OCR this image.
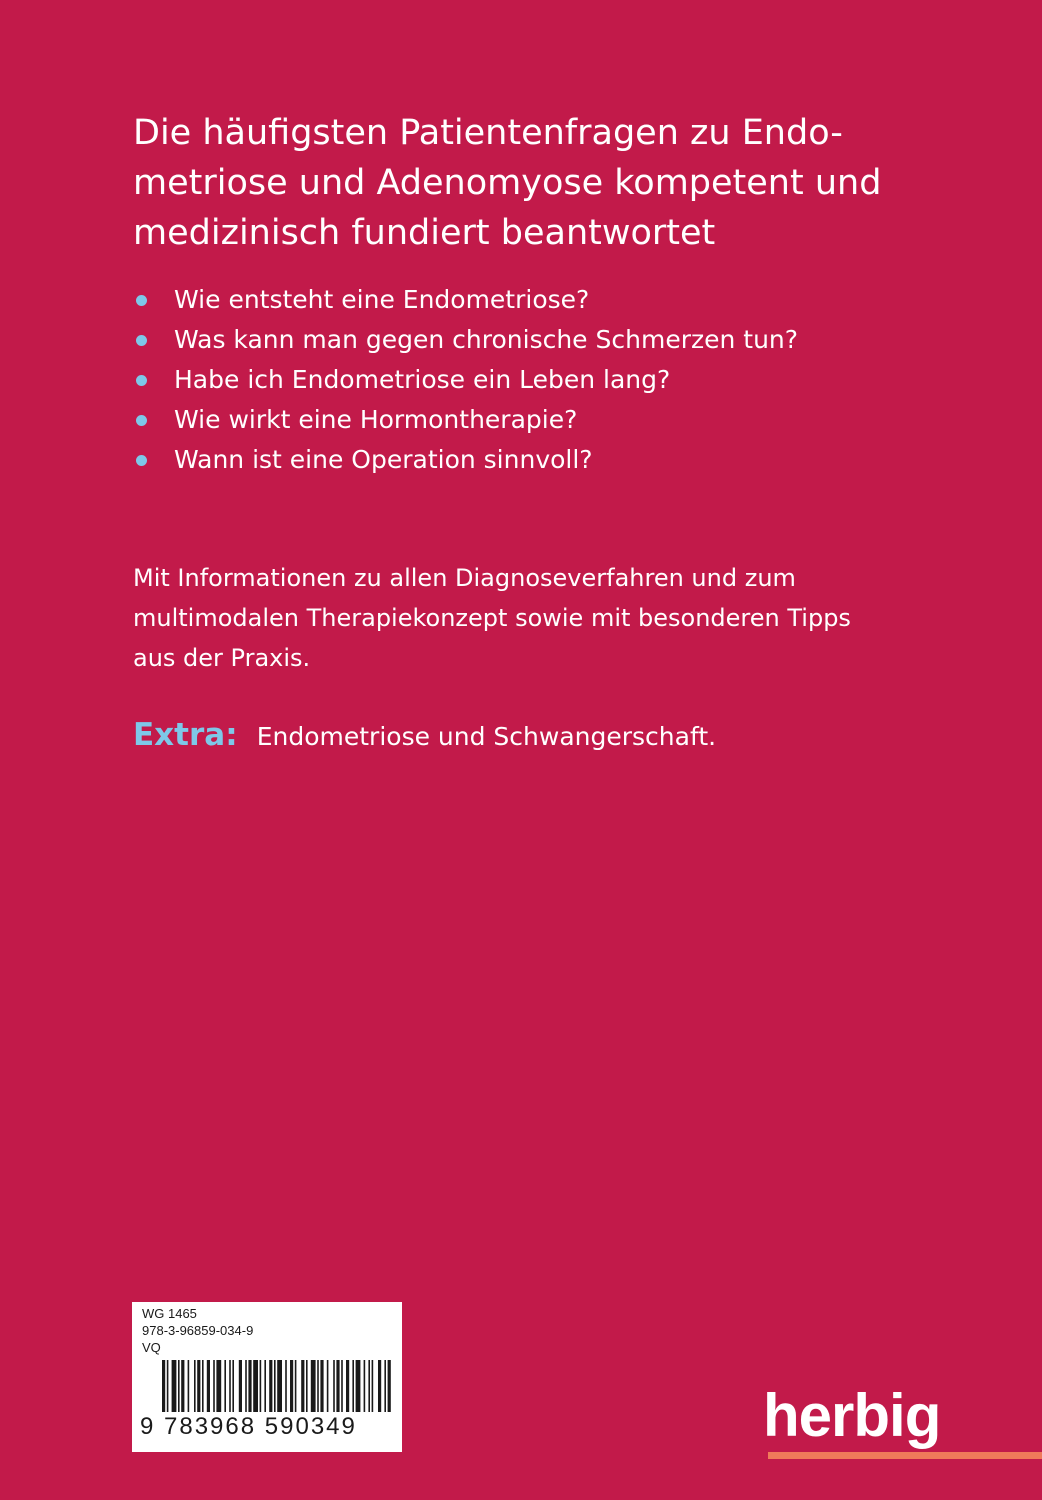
Die häufigsten Patientenfragen zu Endo-
metriose und Adenomyose kompetent und
medizinisch fundiert beantwortet
Wie entsteht eine Endometriose?
Was kann man gegen chronische Schmerzen tun?
Habe ich Endometriose ein Leben lang?
Wie wirkt eine Hormontherapie?
Wann ist eine Operation sinnvoll?

Mit Informationen zu allen Diagnoseverfahren und zum
multimodalen Therapiekonzept sowie mit besonderen Tipps
aus der Praxis.

Extra: Endometriose und Schwangerschaft.
WG 1465
978-3-96859-034-9
VQ
9 783968 590349	herbig
